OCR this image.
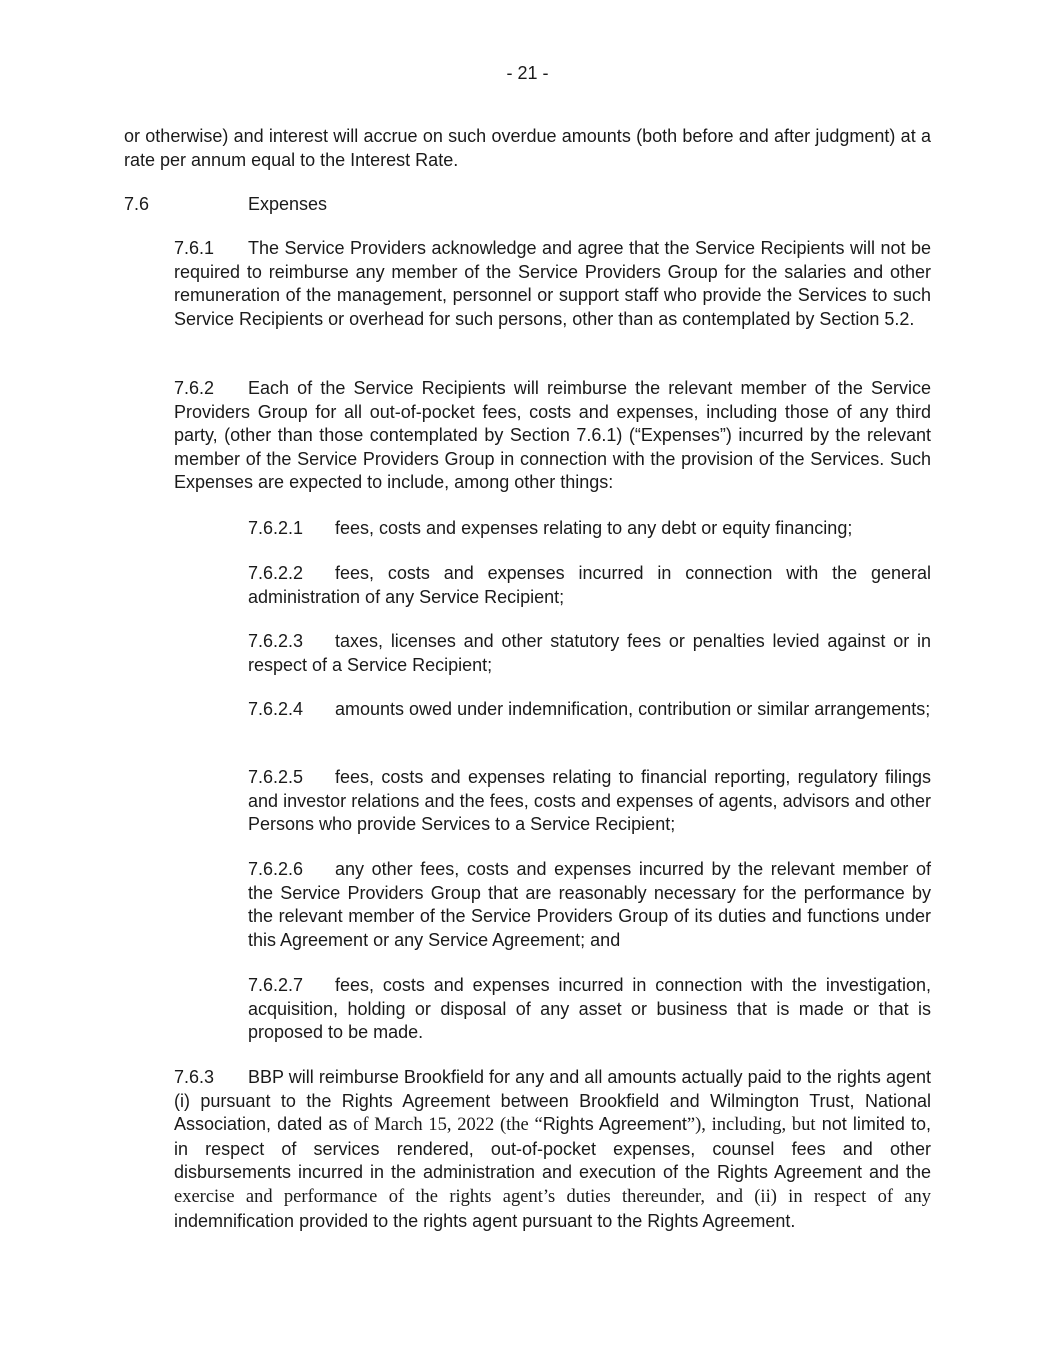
- 21 -
or otherwise) and interest will accrue on such overdue amounts (both before and after judgment) at a rate per annum equal to the Interest Rate.
7.6	Expenses
7.6.1 The Service Providers acknowledge and agree that the Service Recipients will not be required to reimburse any member of the Service Providers Group for the salaries and other remuneration of the management, personnel or support staff who provide the Services to such Service Recipients or overhead for such persons, other than as contemplated by Section 5.2.
7.6.2 Each of the Service Recipients will reimburse the relevant member of the Service Providers Group for all out-of-pocket fees, costs and expenses, including those of any third party, (other than those contemplated by Section 7.6.1) (“Expenses”) incurred by the relevant member of the Service Providers Group in connection with the provision of the Services. Such Expenses are expected to include, among other things:
7.6.2.1 fees, costs and expenses relating to any debt or equity financing;
7.6.2.2 fees, costs and expenses incurred in connection with the general administration of any Service Recipient;
7.6.2.3 taxes, licenses and other statutory fees or penalties levied against or in respect of a Service Recipient;
7.6.2.4 amounts owed under indemnification, contribution or similar arrangements;
7.6.2.5 fees, costs and expenses relating to financial reporting, regulatory filings and investor relations and the fees, costs and expenses of agents, advisors and other Persons who provide Services to a Service Recipient;
7.6.2.6 any other fees, costs and expenses incurred by the relevant member of the Service Providers Group that are reasonably necessary for the performance by the relevant member of the Service Providers Group of its duties and functions under this Agreement or any Service Agreement; and
7.6.2.7 fees, costs and expenses incurred in connection with the investigation, acquisition, holding or disposal of any asset or business that is made or that is proposed to be made.
7.6.3 BBP will reimburse Brookfield for any and all amounts actually paid to the rights agent (i) pursuant to the Rights Agreement between Brookfield and Wilmington Trust, National Association, dated as of March 15, 2022 (the “Rights Agreement”), including, but not limited to, in respect of services rendered, out-of-pocket expenses, counsel fees and other disbursements incurred in the administration and execution of the Rights Agreement and the exercise and performance of the rights agent’s duties thereunder, and (ii) in respect of any indemnification provided to the rights agent pursuant to the Rights Agreement.
